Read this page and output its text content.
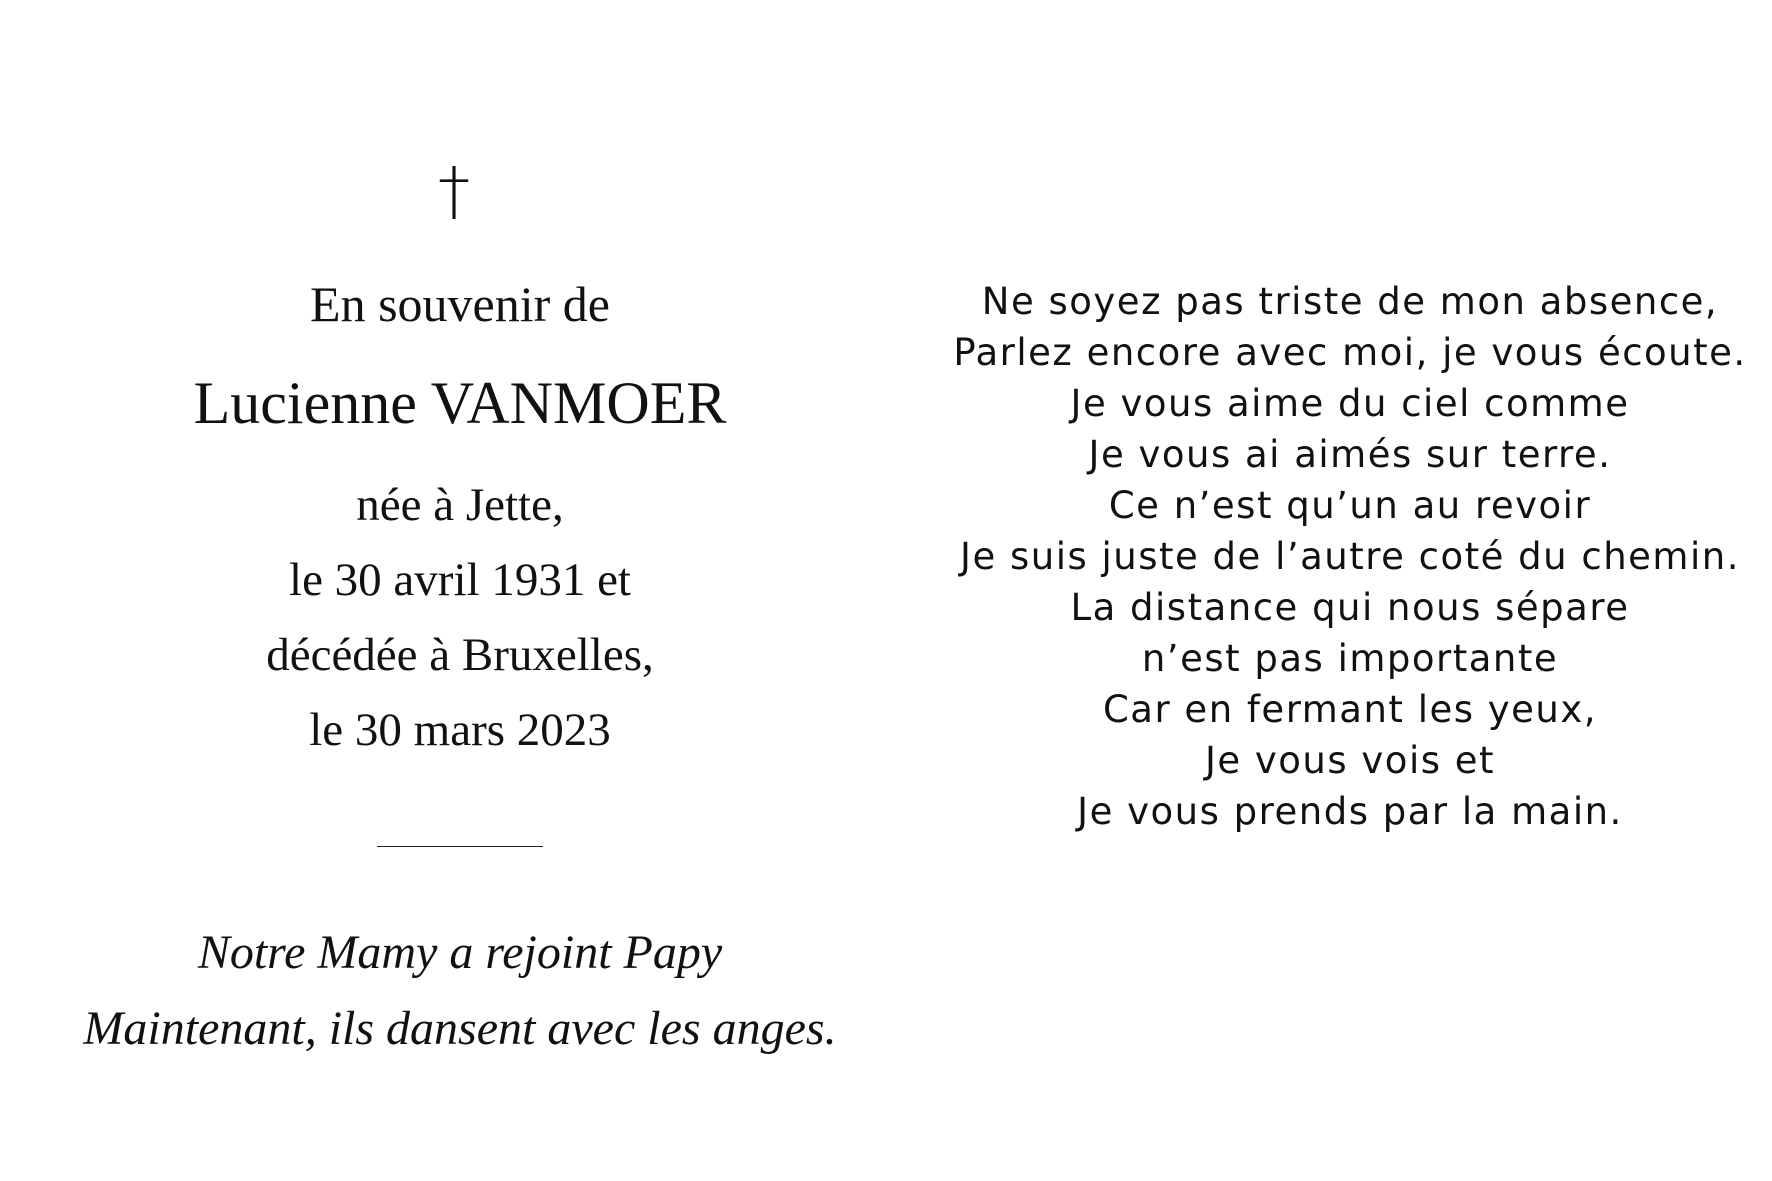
†
En souvenir de
Lucienne VANMOER
née à Jette,
le 30 avril 1931 et
décédée à Bruxelles,
le 30 mars 2023
Notre Mamy a rejoint Papy
Maintenant, ils dansent avec les anges.
Ne soyez pas triste de mon absence,
Parlez encore avec moi, je vous écoute.
Je vous aime du ciel comme
Je vous ai aimés sur terre.
Ce n’est qu’un au revoir
Je suis juste de l’autre coté du chemin.
La distance qui nous sépare
n’est pas importante
Car en fermant les yeux,
Je vous vois et
Je vous prends par la main.
